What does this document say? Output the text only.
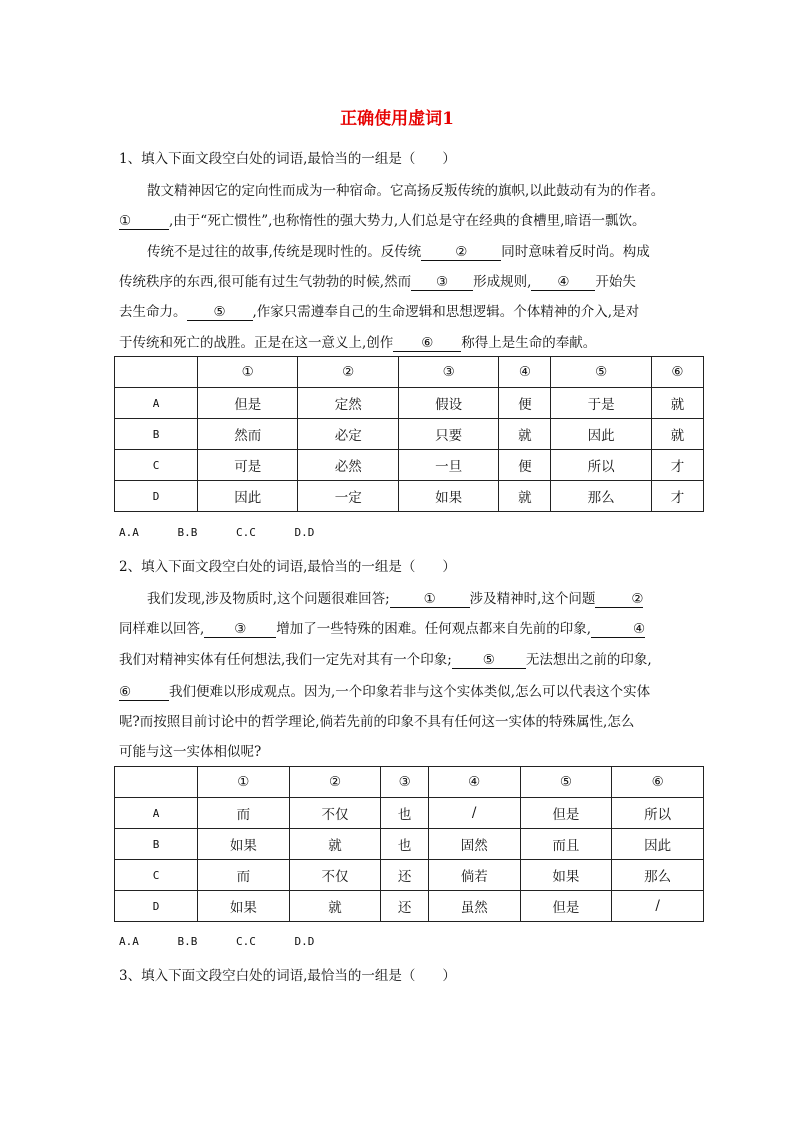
正确使用虚词1
1、填入下面文段空白处的词语,最恰当的一组是（　　）
散文精神因它的定向性而成为一种宿命。它高扬反叛传统的旗帜,以此鼓动有为的作者。
①	,由于“死亡惯性”,也称惰性的强大势力,人们总是守在经典的食槽里,暗语一瓢饮。
传统不是过往的故事,传统是现时性的。反传统	②	同时意味着反时尚。构成
传统秩序的东西,很可能有过生气勃勃的时候,然而 ③ 形成规则, ④ 开始失
去生命力。 ⑤ ,作家只需遵奉自己的生命逻辑和思想逻辑。个体精神的介入,是对
于传统和死亡的战胜。正是在这一意义上,创作 ⑥ 称得上是生命的奉献。
	①	②	③	④	⑤	⑥
A	但是	定然	假设	便	于是	就
B	然而	必定	只要	就	因此	就
C	可是	必然	一旦	便	所以	才
D	因此	一定	如果	就	那么	才
A.A	B.B	C.C	D.D
2、填入下面文段空白处的词语,最恰当的一组是（　　）
我们发现,涉及物质时,这个问题很难回答;	①	涉及精神时,这个问题	②
同样难以回答, ③ 增加了一些特殊的困难。任何观点都来自先前的印象,	④
我们对精神实体有任何想法,我们一定先对其有一个印象; ⑤ 无法想出之前的印象,
⑥	我们便难以形成观点。因为,一个印象若非与这个实体类似,怎么可以代表这个实体
呢?而按照目前讨论中的哲学理论,倘若先前的印象不具有任何这一实体的特殊属性,怎么
可能与这一实体相似呢?
	①	②	③	④	⑤	⑥
A	而	不仅	也	/	但是	所以
B	如果	就	也	固然	而且	因此
C	而	不仅	还	倘若	如果	那么
D	如果	就	还	虽然	但是	/
A.A	B.B	C.C	D.D
3、填入下面文段空白处的词语,最恰当的一组是（　　）
